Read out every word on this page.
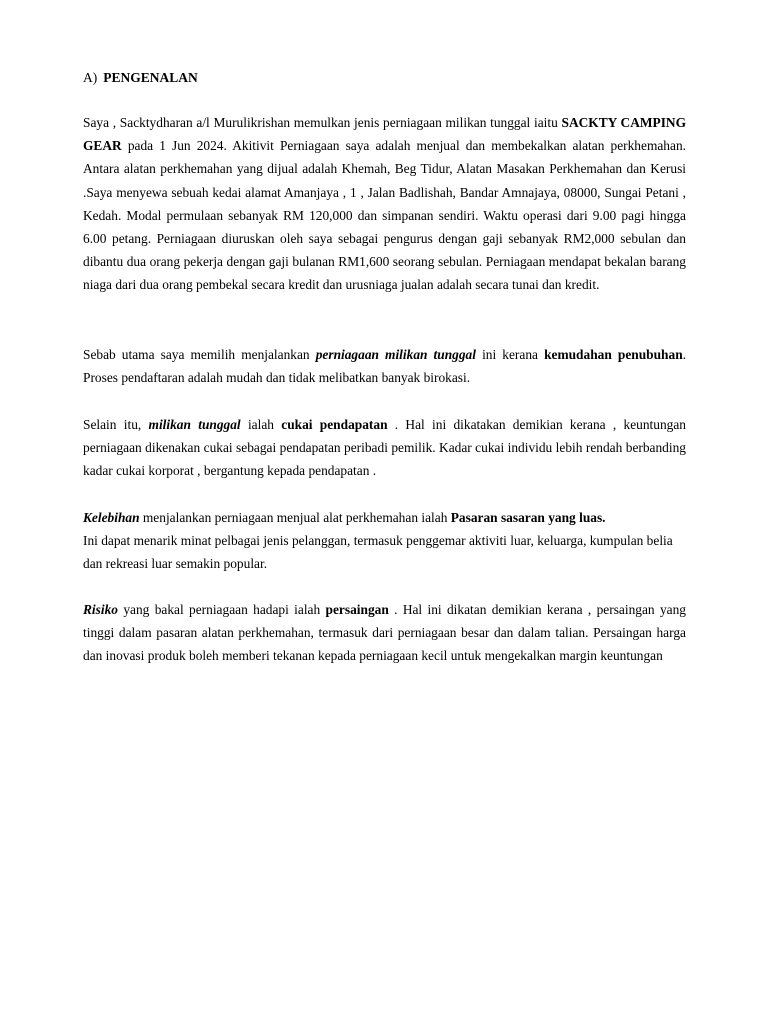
A) PENGENALAN

Saya , Sacktydharan a/l Murulikrishan memulkan jenis perniagaan milikan tunggal iaitu SACKTY CAMPING GEAR pada 1 Jun 2024. Akitivit Perniagaan saya adalah menjual dan membekalkan alatan perkhemahan. Antara alatan perkhemahan yang dijual adalah Khemah, Beg Tidur, Alatan Masakan Perkhemahan dan Kerusi .Saya menyewa sebuah kedai alamat Amanjaya , 1 , Jalan Badlishah, Bandar Amnajaya, 08000, Sungai Petani , Kedah. Modal permulaan sebanyak RM 120,000 dan simpanan sendiri. Waktu operasi dari 9.00 pagi hingga 6.00 petang. Perniagaan diuruskan oleh saya sebagai pengurus dengan gaji sebanyak RM2,000 sebulan dan dibantu dua orang pekerja dengan gaji bulanan RM1,600 seorang sebulan. Perniagaan mendapat bekalan barang niaga dari dua orang pembekal secara kredit dan urusniaga jualan adalah secara tunai dan kredit.

Sebab utama saya memilih menjalankan perniagaan milikan tunggal ini kerana kemudahan penubuhan. Proses pendaftaran adalah mudah dan tidak melibatkan banyak birokasi.

Selain itu, milikan tunggal ialah cukai pendapatan . Hal ini dikatakan demikian kerana , keuntungan perniagaan dikenakan cukai sebagai pendapatan peribadi pemilik. Kadar cukai individu lebih rendah berbanding kadar cukai korporat , bergantung kepada pendapatan .

Kelebihan menjalankan perniagaan menjual alat perkhemahan ialah Pasaran sasaran yang luas.
Ini dapat menarik minat pelbagai jenis pelanggan, termasuk penggemar aktiviti luar, keluarga, kumpulan belia dan rekreasi luar semakin popular.

Risiko yang bakal perniagaan hadapi ialah persaingan . Hal ini dikatan demikian kerana , persaingan yang tinggi dalam pasaran alatan perkhemahan, termasuk dari perniagaan besar dan dalam talian. Persaingan harga dan inovasi produk boleh memberi tekanan kepada perniagaan kecil untuk mengekalkan margin keuntungan
